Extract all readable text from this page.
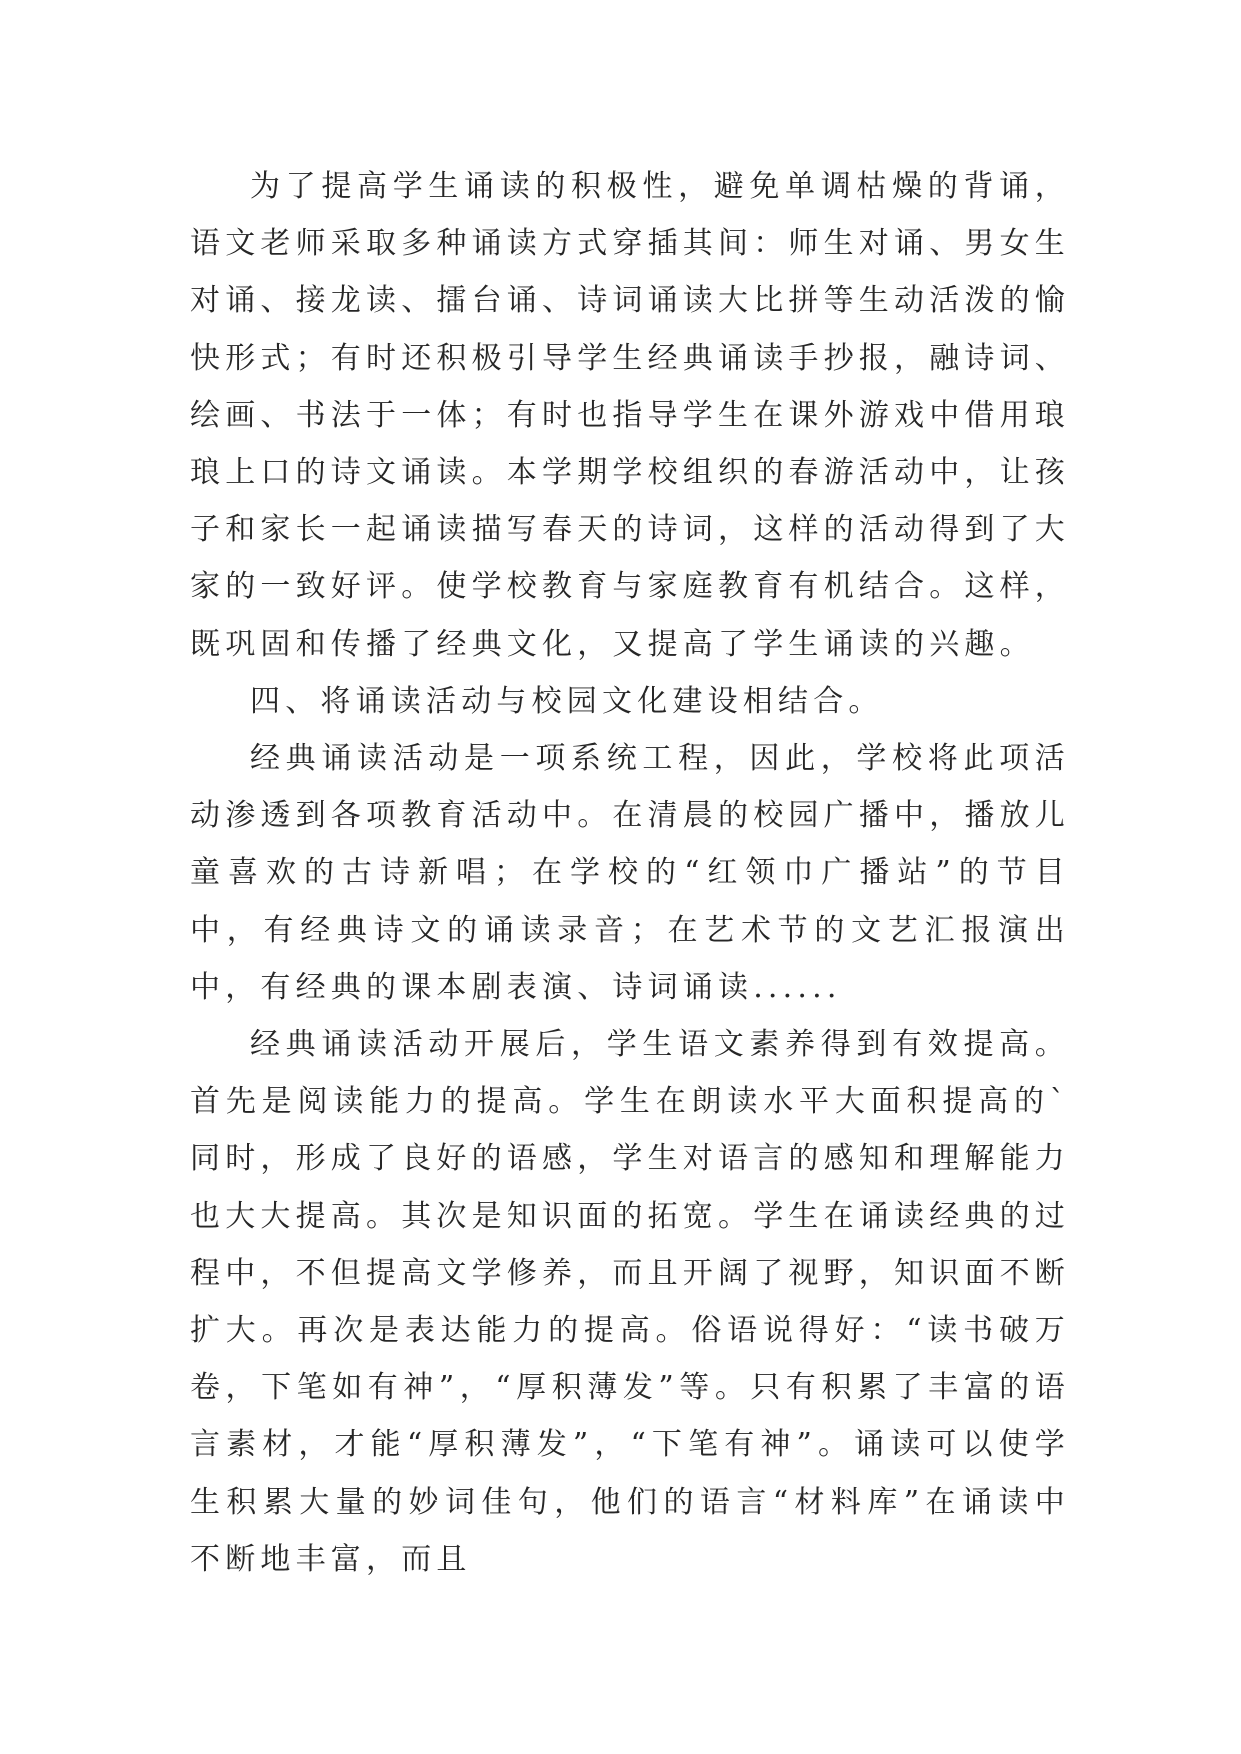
为了提高学生诵读的积极性，避免单调枯燥的背诵，语文老师采取多种诵读方式穿插其间：师生对诵、男女生对诵、接龙读、擂台诵、诗词诵读大比拼等生动活泼的愉快形式；有时还积极引导学生经典诵读手抄报，融诗词、绘画、书法于一体；有时也指导学生在课外游戏中借用琅琅上口的诗文诵读。本学期学校组织的春游活动中，让孩子和家长一起诵读描写春天的诗词，这样的活动得到了大家的一致好评。使学校教育与家庭教育有机结合。这样，既巩固和传播了经典文化，又提高了学生诵读的兴趣。

四、将诵读活动与校园文化建设相结合。

经典诵读活动是一项系统工程，因此，学校将此项活动渗透到各项教育活动中。在清晨的校园广播中，播放儿童喜欢的古诗新唱；在学校的“红领巾广播站”的节目中，有经典诗文的诵读录音；在艺术节的文艺汇报演出中，有经典的课本剧表演、诗词诵读......

经典诵读活动开展后，学生语文素养得到有效提高。首先是阅读能力的提高。学生在朗读水平大面积提高的`同时，形成了良好的语感，学生对语言的感知和理解能力也大大提高。其次是知识面的拓宽。学生在诵读经典的过程中，不但提高文学修养，而且开阔了视野，知识面不断扩大。再次是表达能力的提高。俗语说得好：“读书破万卷，下笔如有神”，“厚积薄发”等。只有积累了丰富的语言素材，才能“厚积薄发”，“下笔有神”。诵读可以使学生积累大量的妙词佳句，他们的语言“材料库”在诵读中不断地丰富，而且
